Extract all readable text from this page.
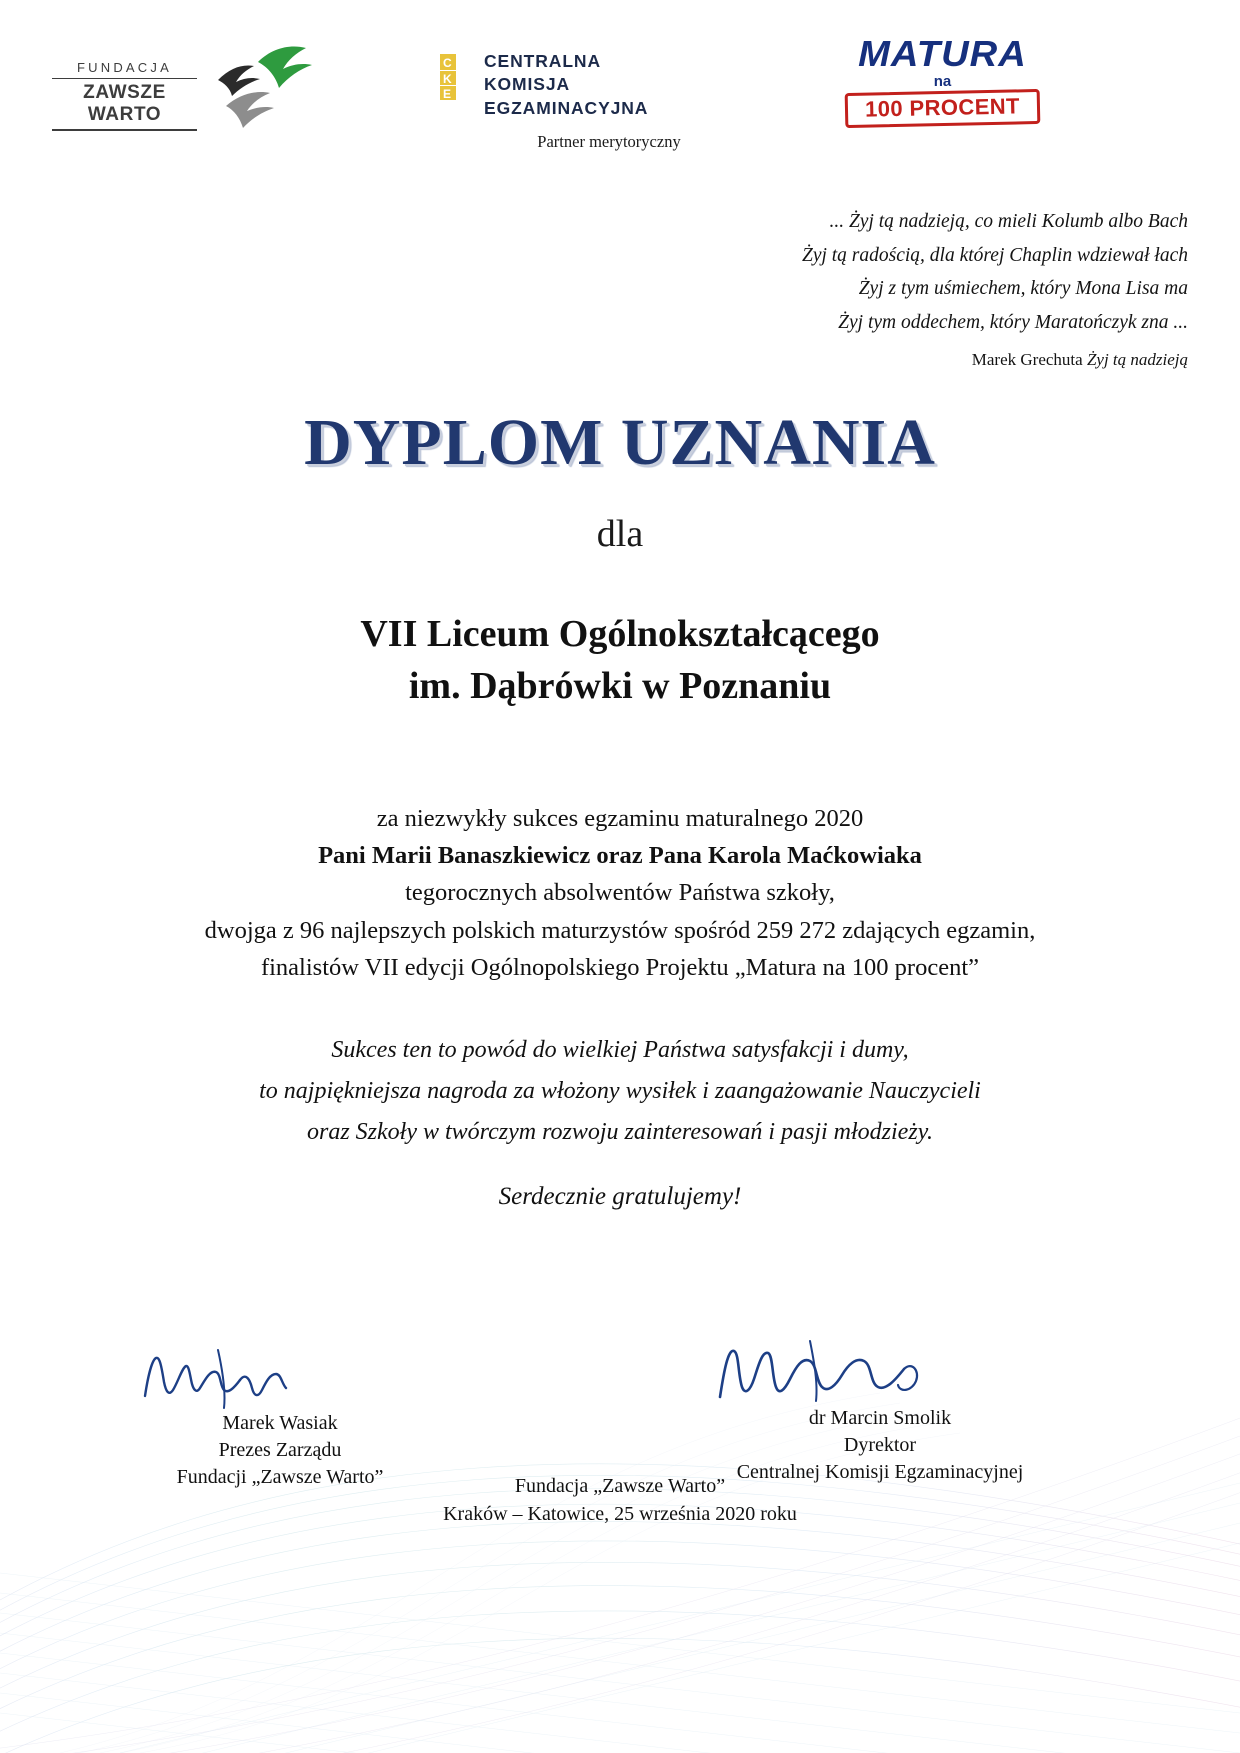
FUNDACJA
ZAWSZE WARTO
C
K
E
CENTRALNA
KOMISJA
EGZAMINACYJNA
Partner merytoryczny
MATURA
na
100 PROCENT
... Żyj tą nadzieją, co mieli Kolumb albo Bach
Żyj tą radością, dla której Chaplin wdziewał łach
Żyj z tym uśmiechem, który Mona Lisa ma
Żyj tym oddechem, który Maratończyk zna ...
Marek Grechuta Żyj tą nadzieją
DYPLOM UZNANIA
dla
VII Liceum Ogólnokształcącego
im. Dąbrówki w Poznaniu
za niezwykły sukces egzaminu maturalnego 2020
Pani Marii Banaszkiewicz oraz Pana Karola Maćkowiaka
tegorocznych absolwentów Państwa szkoły,
dwojga z 96 najlepszych polskich maturzystów spośród 259 272 zdających egzamin,
finalistów VII edycji Ogólnopolskiego Projektu „Matura na 100 procent”
Sukces ten to powód do wielkiej Państwa satysfakcji i dumy,
to najpiękniejsza nagroda za włożony wysiłek i zaangażowanie Nauczycieli
oraz Szkoły w twórczym rozwoju zainteresowań i pasji młodzieży.
Serdecznie gratulujemy!
Marek Wasiak
Prezes Zarządu
Fundacji „Zawsze Warto”
dr Marcin Smolik
Dyrektor
Centralnej Komisji Egzaminacyjnej
Fundacja „Zawsze Warto”
Kraków – Katowice, 25 września 2020 roku
